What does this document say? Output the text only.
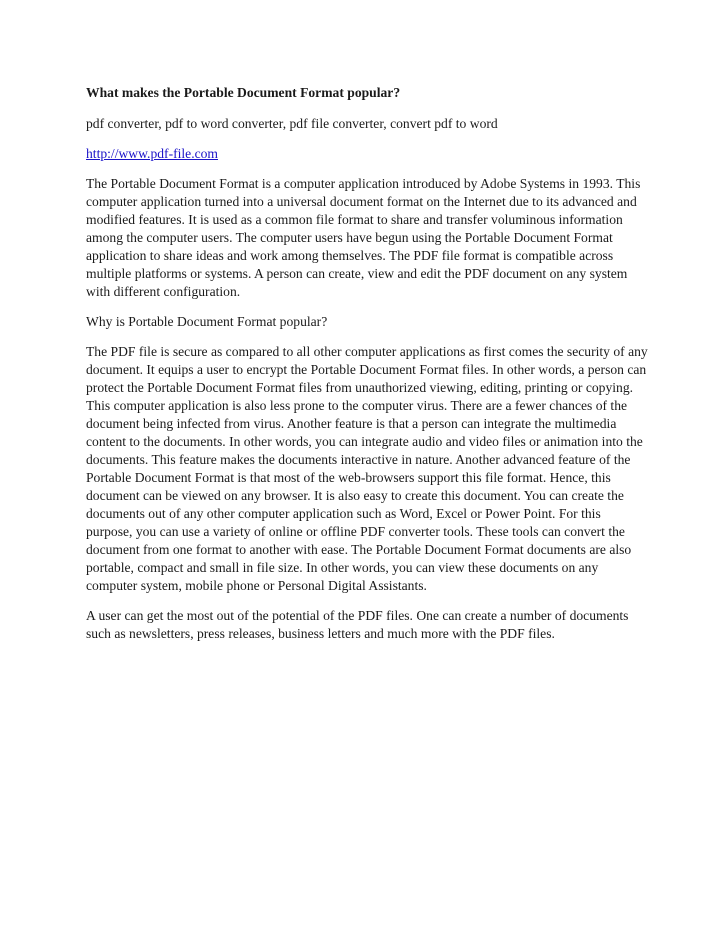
What makes the Portable Document Format popular?

pdf converter, pdf to word converter, pdf file converter, convert pdf to word

http://www.pdf-file.com

The Portable Document Format is a computer application introduced by Adobe Systems in 1993. This computer application turned into a universal document format on the Internet due to its advanced and modified features. It is used as a common file format to share and transfer voluminous information among the computer users. The computer users have begun using the Portable Document Format application to share ideas and work among themselves. The PDF file format is compatible across multiple platforms or systems. A person can create, view and edit the PDF document on any system with different configuration.

Why is Portable Document Format popular?

The PDF file is secure as compared to all other computer applications as first comes the security of any document. It equips a user to encrypt the Portable Document Format files. In other words, a person can protect the Portable Document Format files from unauthorized viewing, editing, printing or copying. This computer application is also less prone to the computer virus. There are a fewer chances of the document being infected from virus. Another feature is that a person can integrate the multimedia content to the documents. In other words, you can integrate audio and video files or animation into the documents. This feature makes the documents interactive in nature. Another advanced feature of the Portable Document Format is that most of the web-browsers support this file format. Hence, this document can be viewed on any browser. It is also easy to create this document. You can create the documents out of any other computer application such as Word, Excel or Power Point. For this purpose, you can use a variety of online or offline PDF converter tools. These tools can convert the document from one format to another with ease. The Portable Document Format documents are also portable, compact and small in file size. In other words, you can view these documents on any computer system, mobile phone or Personal Digital Assistants.

A user can get the most out of the potential of the PDF files. One can create a number of documents such as newsletters, press releases, business letters and much more with the PDF files.
